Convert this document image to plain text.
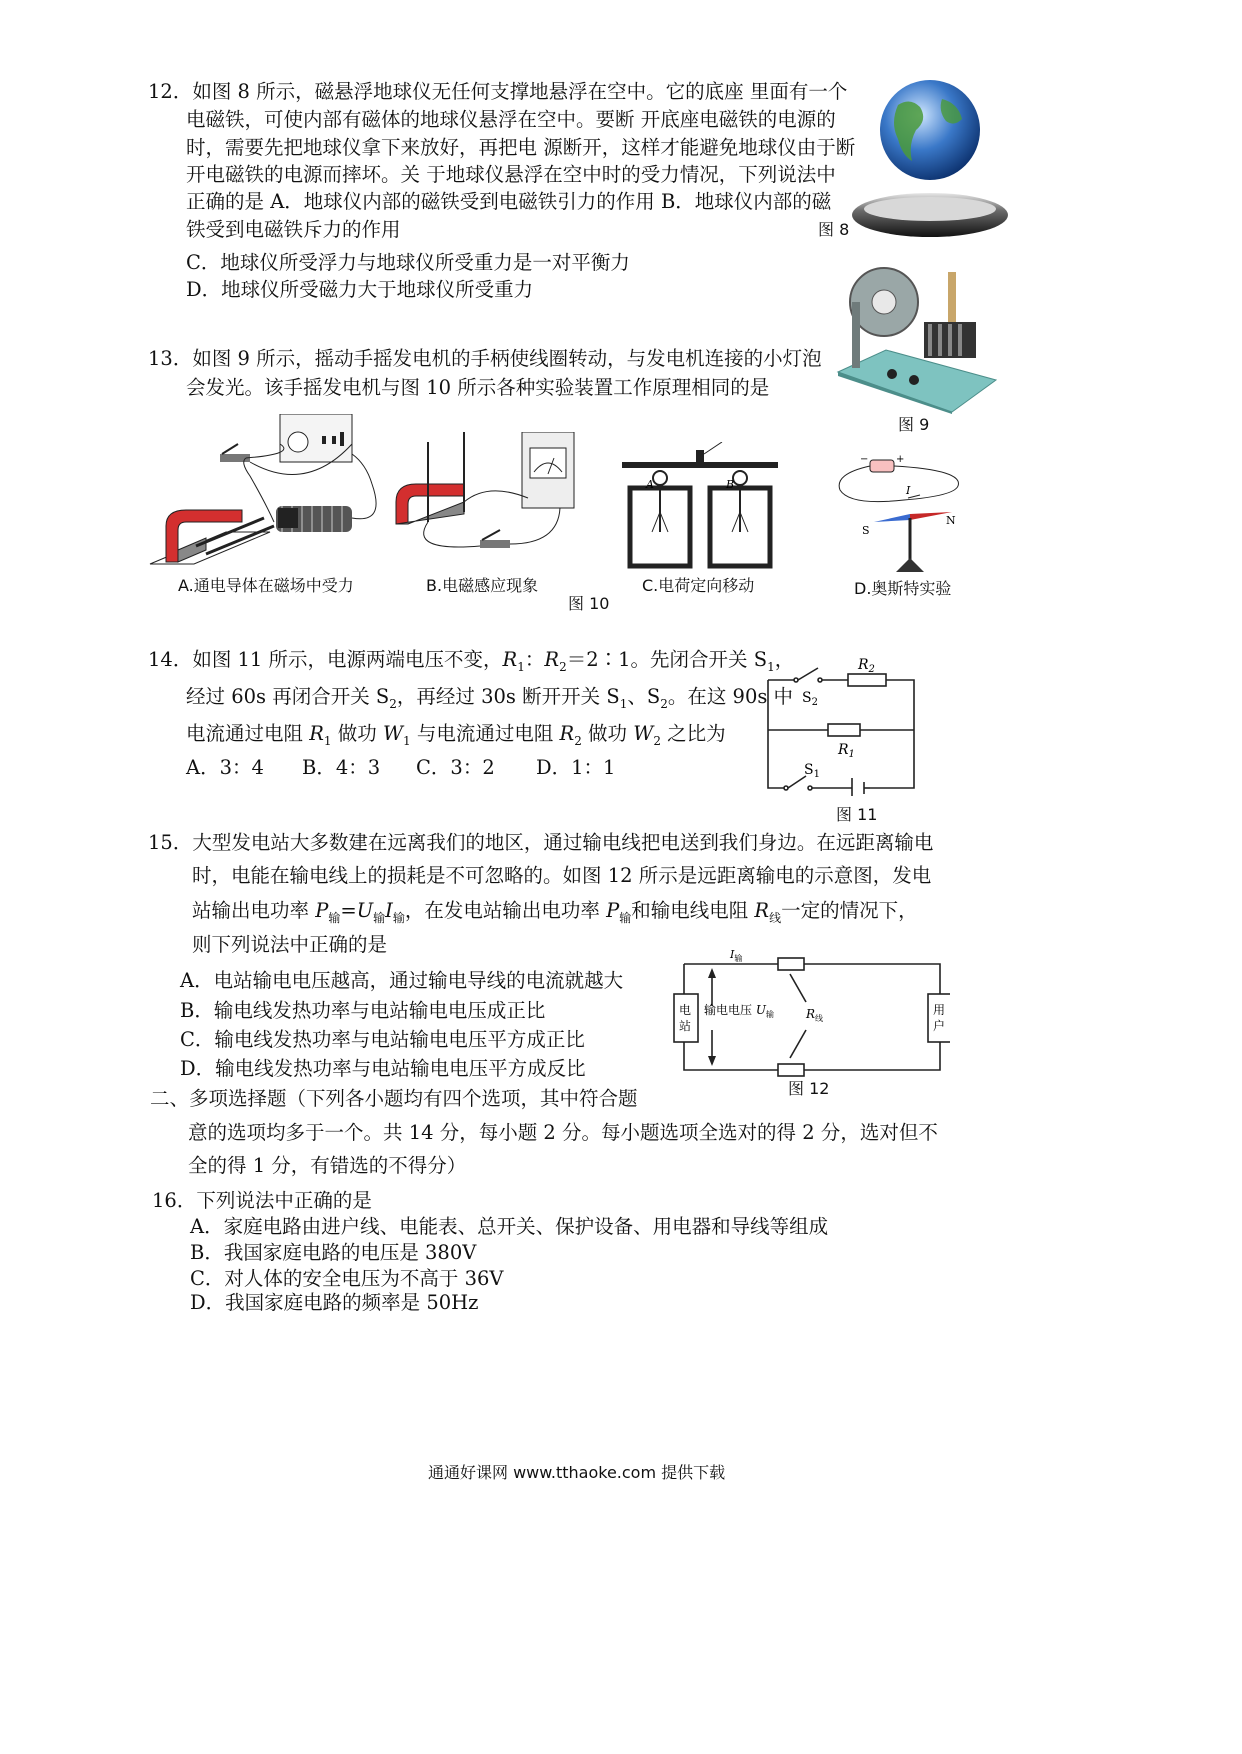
12．如图 8 所示，磁悬浮地球仪无任何支撑地悬浮在空中。它的底座 里面有一个
电磁铁，可使内部有磁体的地球仪悬浮在空中。要断 开底座电磁铁的电源的
时，需要先把地球仪拿下来放好，再把电 源断开，这样才能避免地球仪由于断
开电磁铁的电源而摔坏。关 于地球仪悬浮在空中时的受力情况，下列说法中
正确的是 A．地球仪内部的磁铁受到电磁铁引力的作用 B．地球仪内部的磁
铁受到电磁铁斥力的作用
C．地球仪所受浮力与地球仪所受重力是一对平衡力
D．地球仪所受磁力大于地球仪所受重力
图 8
13．如图 9 所示，摇动手摇发电机的手柄使线圈转动，与发电机连接的小灯泡
会发光。该手摇发电机与图 10 所示各种实验装置工作原理相同的是
图 9
A.通电导体在磁场中受力	B.电磁感应现象
A	B
C.电荷定向移动
图 10
+
−
I
S
N
D.奥斯特实验
14．如图 11 所示，电源两端电压不变，$R_1$：$R_2=2∶1$。先闭合开关 $S_1$，
经过 60s 再闭合开关 $S_2$，再经过 30s 断开开关 $S_1$、$S_2$。在这 90s 中
电流通过电阻 $R_1$ 做功 $W_1$ 与电流通过电阻 $R_2$ 做功 $W_2$ 之比为
A．3：4 B．4：3 C．3：2 D．1：1
$R_2$
$S_2$
$R_1$
$S_1$
图 11
15．大型发电站大多数建在远离我们的地区，通过输电线把电送到我们身边。在远距离输电
时，电能在输电线上的损耗是不可忽略的。如图 12 所示是远距离输电的示意图，发电
站输出电功率 $P_输=U_输I_输$，在发电站输出电功率 $P_输$和输电线电阻 $R_线$一定的情况下，
则下列说法中正确的是
A．电站输电电压越高，通过输电导线的电流就越大
B．输电线发热功率与电站输电电压成正比
C．输电线发热功率与电站输电电压平方成正比
D．输电线发热功率与电站输电电压平方成反比
电
站
用
户
输电电压 $U_输$
$I_输$
$R_线$
图 12
二、多项选择题（下列各小题均有四个选项，其中符合题
意的选项均多于一个。共 14 分，每小题 2 分。每小题选项全选对的得 2 分，选对但不
全的得 1 分，有错选的不得分）
16．下列说法中正确的是
A．家庭电路由进户线、电能表、总开关、保护设备、用电器和导线等组成
B．我国家庭电路的电压是 380V
C．对人体的安全电压为不高于 36V
D．我国家庭电路的频率是 50Hz
通通好课网 www.tthaoke.com 提供下载
